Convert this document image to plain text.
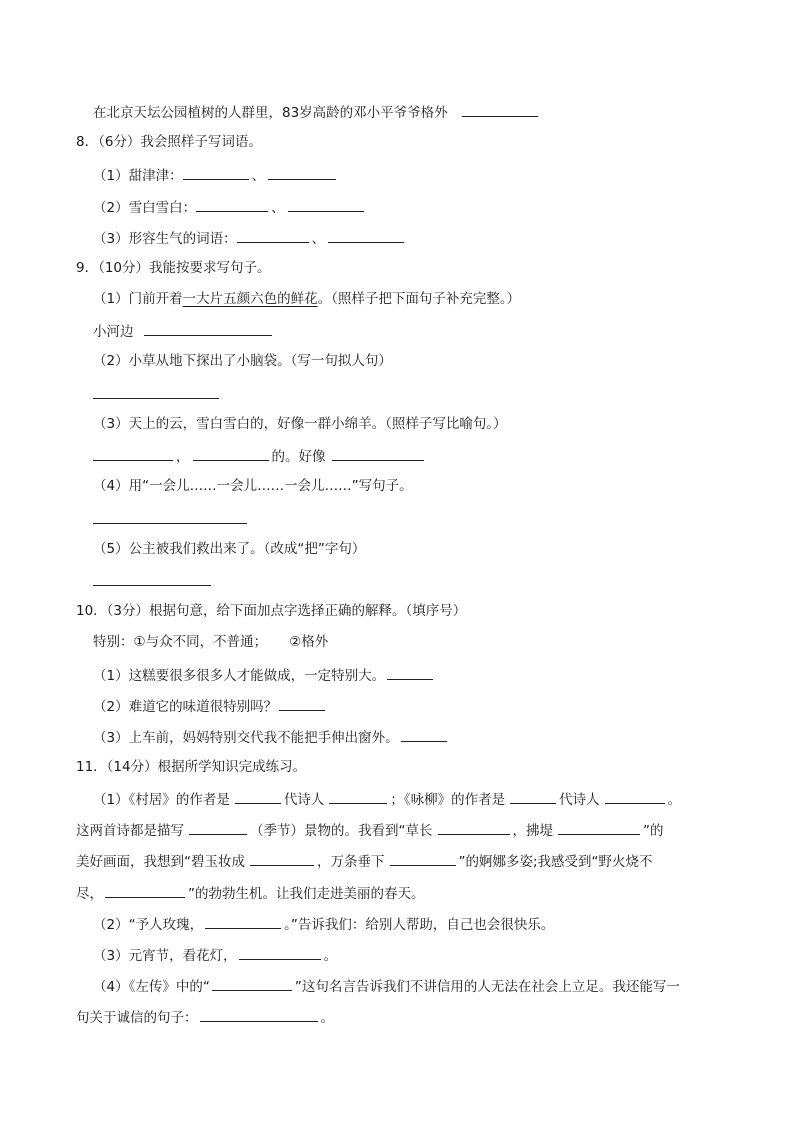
在北京天坛公园植树的人群里，83岁高龄的邓小平爷爷格外
8．（6分）我会照样子写词语。
（1）甜津津：	、
（2）雪白雪白：	、
（3）形容生气的词语：	、
9．（10分）我能按要求写句子。
（1）门前开着一大片五颜六色的鲜花。（照样子把下面句子补充完整。）
小河边
（2）小草从地下探出了小脑袋。（写一句拟人句）
（3）天上的云，雪白雪白的，好像一群小绵羊。（照样子写比喻句。）
，	的。好像
（4）用“一会儿……一会儿……一会儿……”写句子。
（5）公主被我们救出来了。（改成“把”字句）
10．（3分）根据句意，给下面加点字选择正确的解释。（填序号）
特别：①与众不同，不普通； ②格外
（1）这糕要很多很多人才能做成，一定特别大。
（2）难道它的味道很特别吗？
（3）上车前，妈妈特别交代我不能把手伸出窗外。
11．（14分）根据所学知识完成练习。
（1）《村居》的作者是	代诗人	；《咏柳》的作者是	代诗人	。
这两首诗都是描写	（季节）景物的。我看到“草长	，拂堤	”的
美好画面，我想到“碧玉妆成	，万条垂下	”的婀娜多姿;我感受到“野火烧不
尽，	”的勃勃生机。让我们走进美丽的春天。
（2）“予人玫瑰，	。”告诉我们：给别人帮助，自己也会很快乐。
（3）元宵节，看花灯，	。
（4）《左传》中的“	”这句名言告诉我们不讲信用的人无法在社会上立足。我还能写一
句关于诚信的句子：	。
